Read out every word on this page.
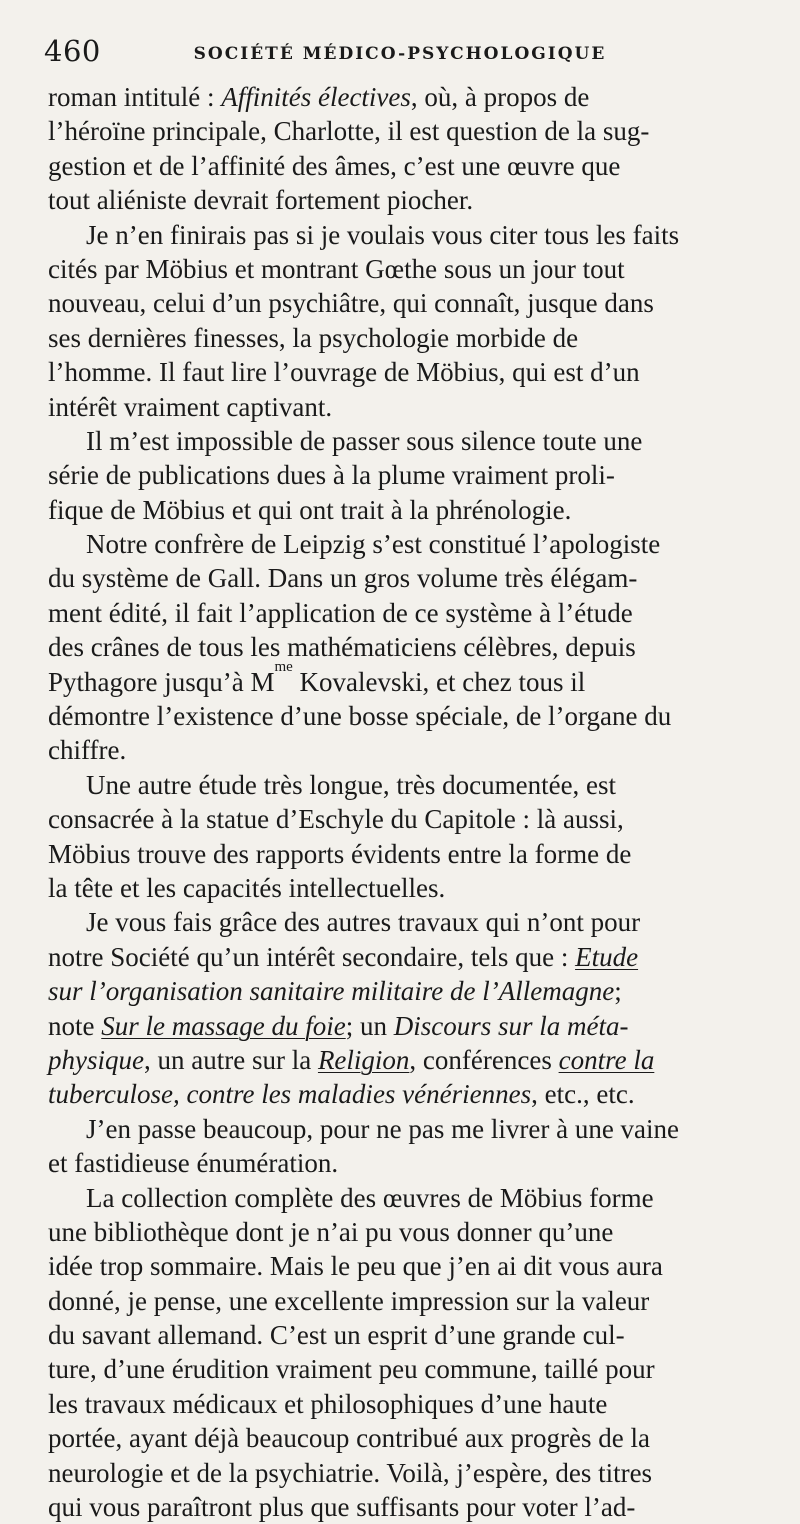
460	SOCIÉTÉ MÉDICO-PSYCHOLOGIQUE
roman intitulé : Affinités électives, où, à propos de
l’héroïne principale, Charlotte, il est question de la sug-
gestion et de l’affinité des âmes, c’est une œuvre que
tout aliéniste devrait fortement piocher.
Je n’en finirais pas si je voulais vous citer tous les faits
cités par Möbius et montrant Gœthe sous un jour tout
nouveau, celui d’un psychiâtre, qui connaît, jusque dans
ses dernières finesses, la psychologie morbide de
l’homme. Il faut lire l’ouvrage de Möbius, qui est d’un
intérêt vraiment captivant.
Il m’est impossible de passer sous silence toute une
série de publications dues à la plume vraiment proli-
fique de Möbius et qui ont trait à la phrénologie.
Notre confrère de Leipzig s’est constitué l’apologiste
du système de Gall. Dans un gros volume très élégam-
ment édité, il fait l’application de ce système à l’étude
des crânes de tous les mathématiciens célèbres, depuis
Pythagore jusqu’à $M^{me}$ Kovalevski, et chez tous il
démontre l’existence d’une bosse spéciale, de l’organe du
chiffre.
Une autre étude très longue, très documentée, est
consacrée à la statue d’Eschyle du Capitole : là aussi,
Möbius trouve des rapports évidents entre la forme de
la tête et les capacités intellectuelles.
Je vous fais grâce des autres travaux qui n’ont pour
notre Société qu’un intérêt secondaire, tels que : Etude
sur l’organisation sanitaire militaire de l’Allemagne;
note Sur le massage du foie; un Discours sur la méta-
physique, un autre sur la Religion, conférences contre la
tuberculose, contre les maladies vénériennes, etc., etc.
J’en passe beaucoup, pour ne pas me livrer à une vaine
et fastidieuse énumération.
La collection complète des œuvres de Möbius forme
une bibliothèque dont je n’ai pu vous donner qu’une
idée trop sommaire. Mais le peu que j’en ai dit vous aura
donné, je pense, une excellente impression sur la valeur
du savant allemand. C’est un esprit d’une grande cul-
ture, d’une érudition vraiment peu commune, taillé pour
les travaux médicaux et philosophiques d’une haute
portée, ayant déjà beaucoup contribué aux progrès de la
neurologie et de la psychiatrie. Voilà, j’espère, des titres
qui vous paraîtront plus que suffisants pour voter l’ad-
